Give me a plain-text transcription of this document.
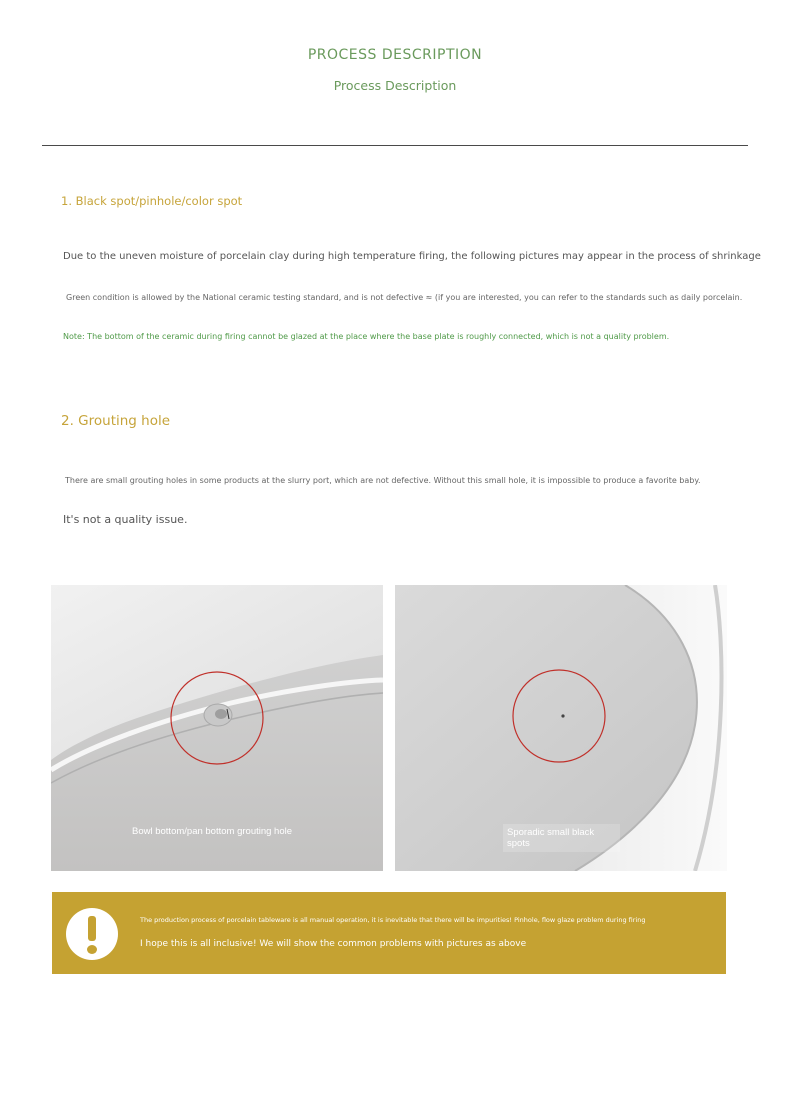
PROCESS DESCRIPTION
Process Description
1. Black spot/pinhole/color spot
Due to the uneven moisture of porcelain clay during high temperature firing, the following pictures may appear in the process of shrinkage
Green condition is allowed by the National ceramic testing standard, and is not defective ≈ (if you are interested, you can refer to the standards such as daily porcelain.
Note: The bottom of the ceramic during firing cannot be glazed at the place where the base plate is roughly connected, which is not a quality problem.
2. Grouting hole
There are small grouting holes in some products at the slurry port, which are not defective. Without this small hole, it is impossible to produce a favorite baby.
It's not a quality issue.
Bowl bottom/pan bottom grouting hole	Sporadic small black spots
The production process of porcelain tableware is all manual operation, it is inevitable that there will be impurities! Pinhole, flow glaze problem during firing
I hope this is all inclusive! We will show the common problems with pictures as above
